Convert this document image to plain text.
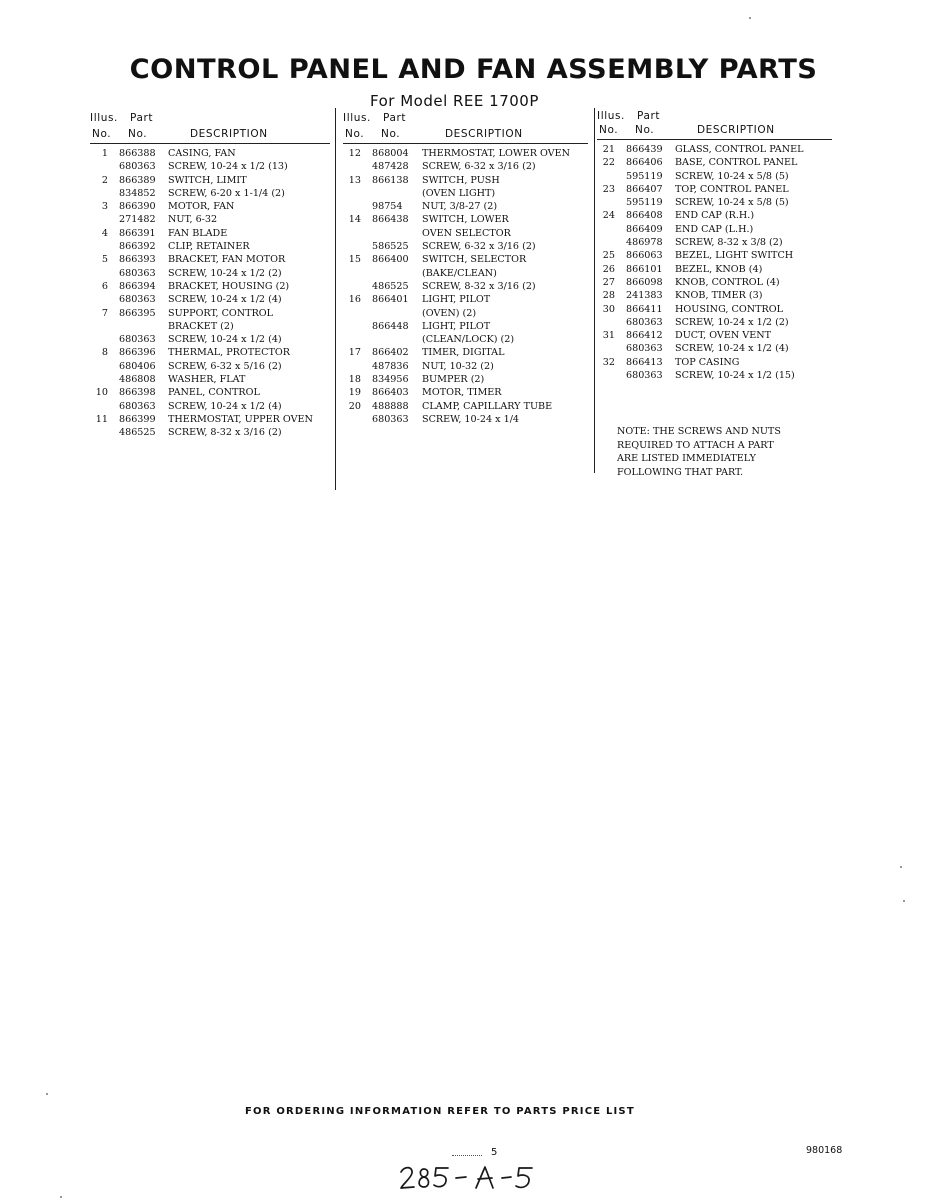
CONTROL PANEL AND FAN ASSEMBLY PARTS
For Model REE 1700P
Illus. Part
No. No.	DESCRIPTION
1 866388 CASING, FAN
680363 SCREW, 10-24 x 1/2 (13)
2 866389 SWITCH, LIMIT
834852 SCREW, 6-20 x 1-1/4 (2)
3 866390 MOTOR, FAN
271482 NUT, 6-32
4 866391 FAN BLADE
866392 CLIP, RETAINER
5 866393 BRACKET, FAN MOTOR
680363 SCREW, 10-24 x 1/2 (2)
6 866394 BRACKET, HOUSING (2)
680363 SCREW, 10-24 x 1/2 (4)
7 866395 SUPPORT, CONTROL
BRACKET (2)
680363 SCREW, 10-24 x 1/2 (4)
8 866396 THERMAL, PROTECTOR
680406 SCREW, 6-32 x 5/16 (2)
486808 WASHER, FLAT
10 866398 PANEL, CONTROL
680363 SCREW, 10-24 x 1/2 (4)
11 866399 THERMOSTAT, UPPER OVEN
486525 SCREW, 8-32 x 3/16 (2)
Illus. Part
No. No.	DESCRIPTION
12 868004 THERMOSTAT, LOWER OVEN
487428 SCREW, 6-32 x 3/16 (2)
13 866138 SWITCH, PUSH
(OVEN LIGHT)
98754 NUT, 3/8-27 (2)
14 866438 SWITCH, LOWER
OVEN SELECTOR
586525 SCREW, 6-32 x 3/16 (2)
15 866400 SWITCH, SELECTOR
(BAKE/CLEAN)
486525 SCREW, 8-32 x 3/16 (2)
16 866401 LIGHT, PILOT
(OVEN) (2)
866448 LIGHT, PILOT
(CLEAN/LOCK) (2)
17 866402 TIMER, DIGITAL
487836 NUT, 10-32 (2)
18 834956 BUMPER (2)
19 866403 MOTOR, TIMER
20 488888 CLAMP, CAPILLARY TUBE
680363 SCREW, 10-24 x 1/4
Illus. Part
No. No.	DESCRIPTION
21 866439 GLASS, CONTROL PANEL
22 866406 BASE, CONTROL PANEL
595119 SCREW, 10-24 x 5/8 (5)
23 866407 TOP, CONTROL PANEL
595119 SCREW, 10-24 x 5/8 (5)
24 866408 END CAP (R.H.)
866409 END CAP (L.H.)
486978 SCREW, 8-32 x 3/8 (2)
25 866063 BEZEL, LIGHT SWITCH
26 866101 BEZEL, KNOB (4)
27 866098 KNOB, CONTROL (4)
28 241383 KNOB, TIMER (3)
30 866411 HOUSING, CONTROL
680363 SCREW, 10-24 x 1/2 (2)
31 866412 DUCT, OVEN VENT
680363 SCREW, 10-24 x 1/2 (4)
32 866413 TOP CASING
680363 SCREW, 10-24 x 1/2 (15)
NOTE: THE SCREWS AND NUTS
REQUIRED TO ATTACH A PART
ARE LISTED IMMEDIATELY
FOLLOWING THAT PART.
FOR ORDERING INFORMATION REFER TO PARTS PRICE LIST
5	980168
